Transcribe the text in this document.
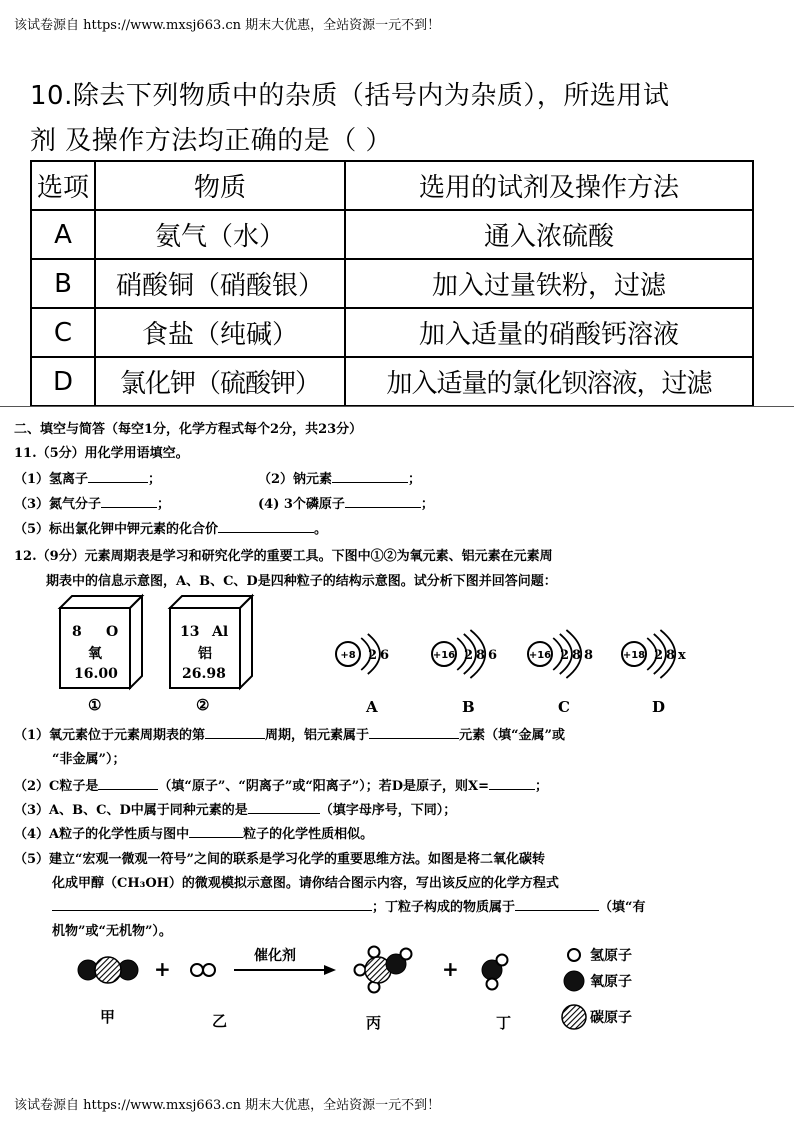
该试卷源自 https://www.mxsj663.cn 期末大优惠，全站资源一元不到！
10.除去下列物质中的杂质（括号内为杂质），所选用试
剂 及操作方法均正确的是（ ）
选项	物质	选用的试剂及操作方法
A	氨气（水）	通入浓硫酸
B	硝酸铜（硝酸银）	加入过量铁粉，过滤
C	食盐（纯碱）	加入适量的硝酸钙溶液
D	氯化钾（硫酸钾）	加入适量的氯化钡溶液，过滤
二、填空与简答（每空1分，化学方程式每个2分，共23分）
11.（5分）用化学用语填空。
（1）氢离子	；	（2）钠元素	；
（3）氮气分子	；	(4) 3个磷原子	；
（5）标出氯化钾中钾元素的化合价	。
12.（9分）元素周期表是学习和研究化学的重要工具。下图中①②为氧元素、铝元素在元素周
期表中的信息示意图，A、B、C、D是四种粒子的结构示意图。试分析下图并回答问题：
8 O
氧
16.00
①
13 Al
铝
26.98
②
+8 2 6
A
+16 2 8 6
B
+16 2 8 8
C
+18 2 8 x
D
（1）氧元素位于元素周期表的第	周期，铝元素属于	元素（填“金属”或
“非金属”）；
（2）C粒子是	（填“原子”、“阴离子”或“阳离子”）；若D是原子，则X=	；
（3）A、B、C、D中属于同种元素的是	（填字母序号，下同）；
（4）A粒子的化学性质与图中	粒子的化学性质相似。
（5）建立“宏观一微观一符号”之间的联系是学习化学的重要思维方法。如图是将二氧化碳转
化成甲醇（CH₃OH）的微观模拟示意图。请你结合图示内容，写出该反应的化学方程式
；丁粒子构成的物质属于	（填“有
机物”或“无机物”）。
+
催化剂
+
甲	乙	丙	丁
氢原子
氧原子
碳原子
该试卷源自 https://www.mxsj663.cn 期末大优惠，全站资源一元不到！
